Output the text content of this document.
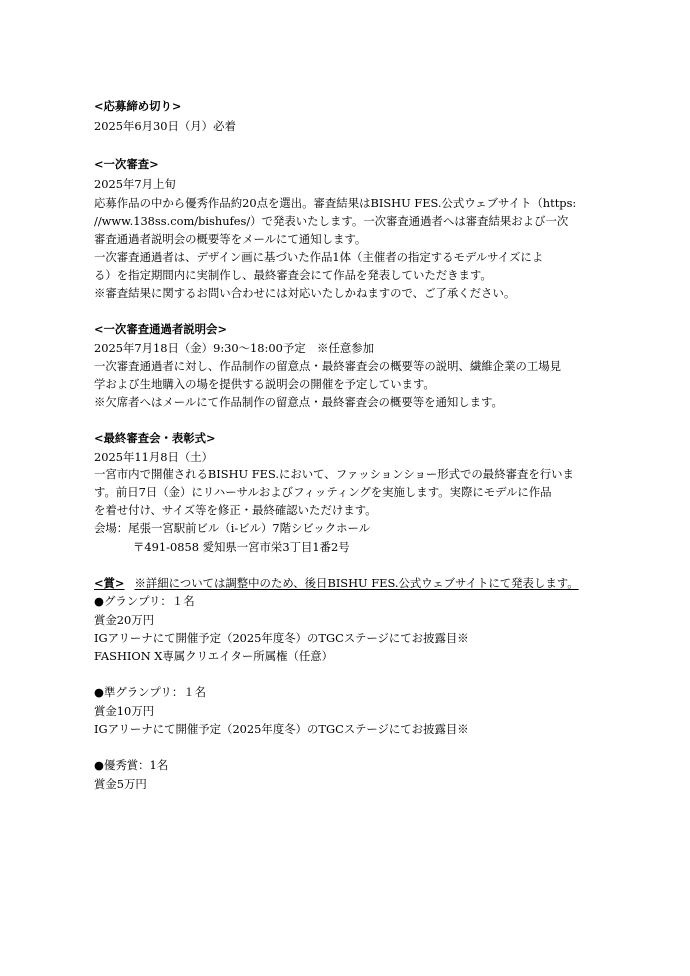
<応募締め切り>
2025年6月30日（月）必着
<一次審査>
2025年7月上旬
応募作品の中から優秀作品約20点を選出。審査結果はBISHU FES.公式ウェブサイト（https:
//www.138ss.com/bishufes/）で発表いたします。一次審査通過者へは審査結果および一次
審査通過者説明会の概要等をメールにて通知します。
一次審査通過者は、デザイン画に基づいた作品1体（主催者の指定するモデルサイズによ
る）を指定期間内に実制作し、最終審査会にて作品を発表していただきます。
※審査結果に関するお問い合わせには対応いたしかねますので、ご了承ください。
<一次審査通過者説明会>
2025年7月18日（金）9:30〜18:00予定　※任意参加
一次審査通過者に対し、作品制作の留意点・最終審査会の概要等の説明、繊維企業の工場見
学および生地購入の場を提供する説明会の開催を予定しています。
※欠席者へはメールにて作品制作の留意点・最終審査会の概要等を通知します。
<最終審査会・表彰式>
2025年11月8日（土）
一宮市内で開催されるBISHU FES.において、ファッションショー形式での最終審査を行いま
す。前日7日（金）にリハーサルおよびフィッティングを実施します。実際にモデルに作品
を着せ付け、サイズ等を修正・最終確認いただけます。
会場：尾張一宮駅前ビル（i-ビル）7階シビックホール
〒491-0858 愛知県一宮市栄3丁目1番2号
<賞> ※詳細については調整中のため、後日BISHU FES.公式ウェブサイトにて発表します。
●グランプリ：１名
賞金20万円
IGアリーナにて開催予定（2025年度冬）のTGCステージにてお披露目※
FASHION X専属クリエイター所属権（任意）
●準グランプリ：１名
賞金10万円
IGアリーナにて開催予定（2025年度冬）のTGCステージにてお披露目※
●優秀賞：1名
賞金5万円
